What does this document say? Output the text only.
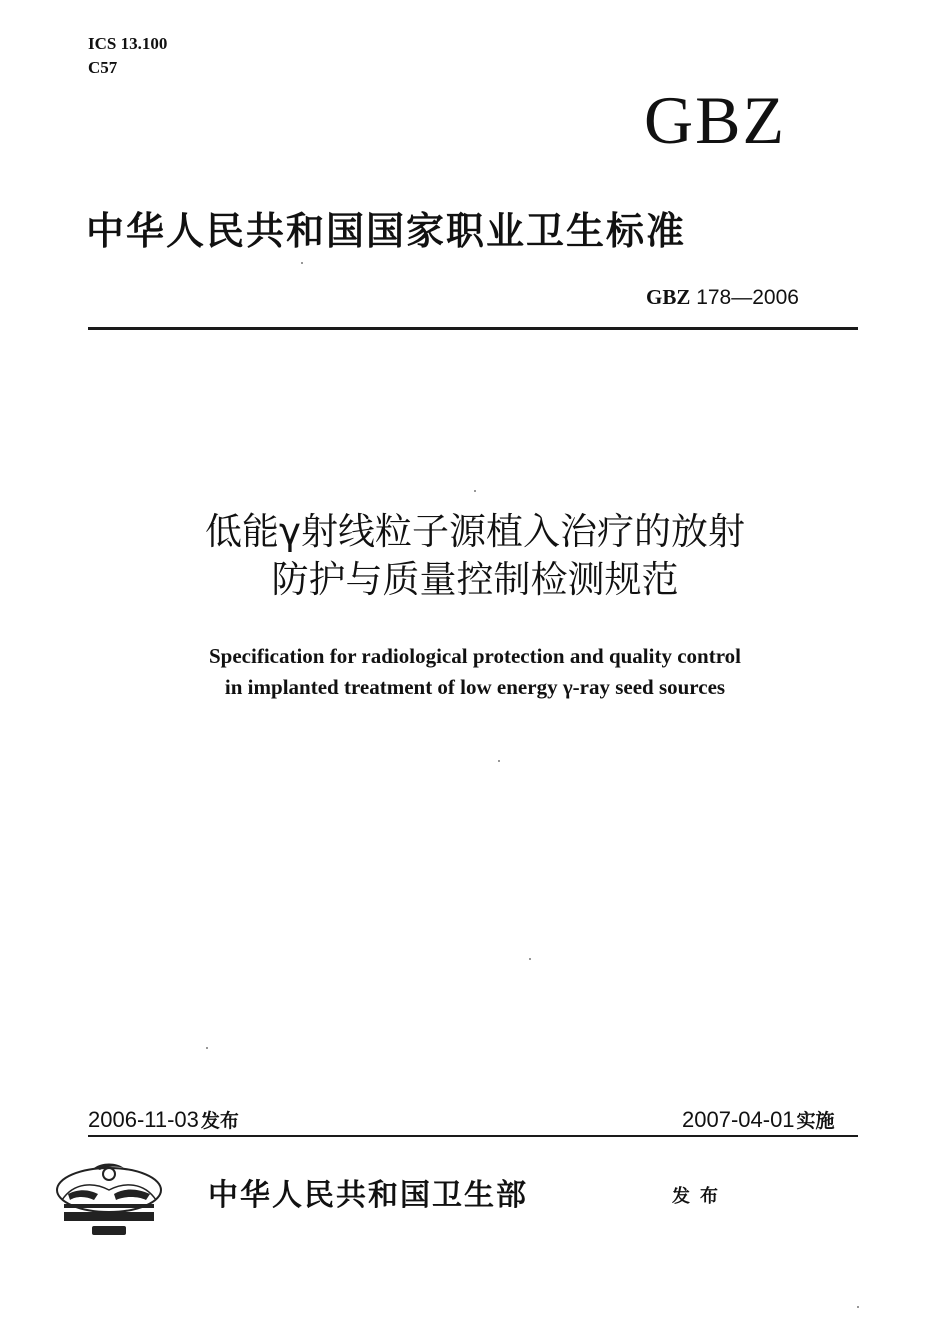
ICS 13.100
C57
GBZ
中华人民共和国国家职业卫生标准
GBZ 178—2006
低能γ射线粒子源植入治疗的放射
防护与质量控制检测规范
Specification for radiological protection and quality control
in implanted treatment of low energy γ-ray seed sources
2006-11-03 发布	2007-04-01 实施
中华人民共和国卫生部	发布
